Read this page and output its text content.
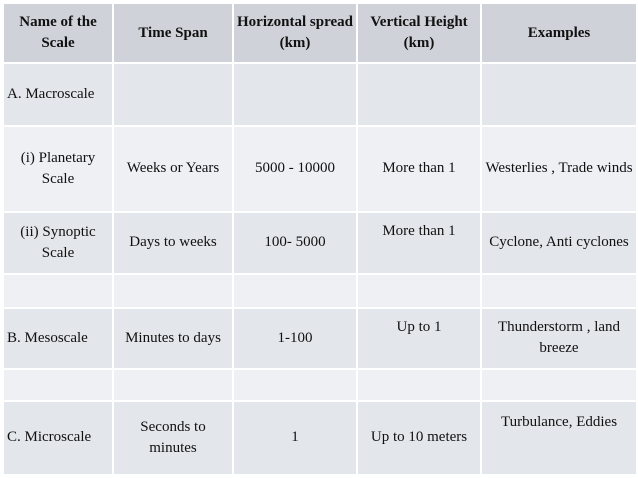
Name of the Scale	Time Span	Horizontal spread (km)	Vertical Height (km)	Examples
A. Macroscale				
(i) Planetary Scale	Weeks or Years	5000 - 10000	More than 1	Westerlies , Trade winds
(ii) Synoptic Scale	Days to weeks	100- 5000	More than 1	Cyclone, Anti cyclones

B. Mesoscale	Minutes to days	1-100	Up to 1	Thunderstorm , land breeze

C. Microscale	Seconds to minutes	1	Up to 10 meters	Turbulance, Eddies
